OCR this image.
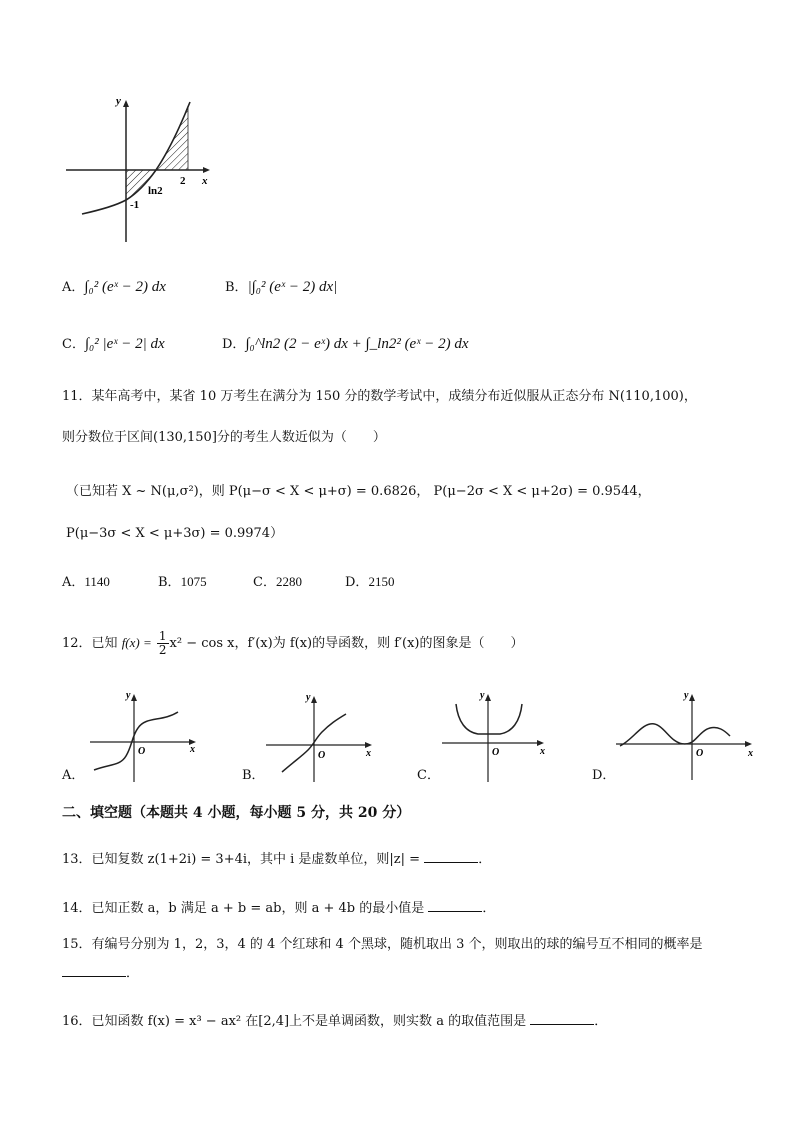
y
x
2
ln2
-1
A．∫₀² (eˣ − 2) dx	B．|∫₀² (eˣ − 2) dx|
C．∫₀² |eˣ − 2| dx	D．∫₀^ln2 (2 − eˣ) dx + ∫_ln2² (eˣ − 2) dx
11．某年高考中，某省 10 万考生在满分为 150 分的数学考试中，成绩分布近似服从正态分布 N(110,100)，
则分数位于区间(130,150]分的考生人数近似为（　　）
（已知若 X ~ N(μ,σ²)，则 P(μ−σ < X < μ+σ) = 0.6826， P(μ−2σ < X < μ+2σ) = 0.9544，
P(μ−3σ < X < μ+3σ) = 0.9974）
A．1140	B．1075	C．2280	D．2150
12．已知 $f(x) = \frac{1}{2} x^2 - \cos x$，f′(x)为 f(x)的导函数，则 f′(x)的图象是（　　）
y
x
O
A．
y
x
O
B．
y
x
O
C．
y
x
O
D．
二、填空题（本题共 4 小题，每小题 5 分，共 20 分）
13．已知复数 z(1+2i) = 3+4i，其中 i 是虚数单位，则|z| =	．
14．已知正数 a，b 满足 a + b = ab，则 a + 4b 的最小值是	．
15．有编号分别为 1，2，3，4 的 4 个红球和 4 个黑球，随机取出 3 个，则取出的球的编号互不相同的概率是
．
16．已知函数 f(x) = x³ − ax² 在[2,4]上不是单调函数，则实数 a 的取值范围是	．
